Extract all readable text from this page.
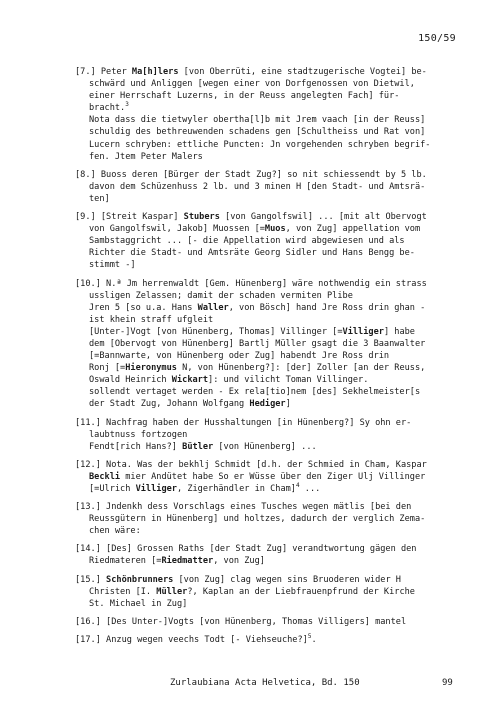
150/59
[7.] Peter Ma[h]lers [von Oberrüti, eine stadtzugerische Vogtei] be-
schwärd und Anliggen [wegen einer von Dorfgenossen von Dietwil,
einer Herrschaft Luzerns, in der Reuss angelegten Fach] für-
bracht.$^3$
Nota dass die tietwyler obertha[l]b mit Jrem vaach [in der Reuss]
schuldig des bethreuwenden schadens gen [Schultheiss und Rat von]
Lucern schryben: ettliche Puncten: Jn vorgehenden schryben begrif-
fen. Jtem Peter Malers
[8.] Buoss deren [Bürger der Stadt Zug?] so nit schiessendt by 5 lb.
davon dem Schüzenhuss 2 lb. und 3 minen H [den Stadt- und Amtsrä-
ten]
[9.] [Streit Kaspar] Stubers [von Gangolfswil] ... [mit alt Obervogt
von Gangolfswil, Jakob] Muossen [=Muos, von Zug] appellation vom
Sambstaggricht ... [- die Appellation wird abgewiesen und als
Richter die Stadt- und Amtsräte Georg Sidler und Hans Bengg be-
stimmt -]
[10.] N.ª Jm herrenwaldt [Gem. Hünenberg] wäre nothwendig ein strass
ussligen Zelassen; damit der schaden vermiten Plibe
Jren 5 [so u.a. Hans Waller, von Bösch] hand Jre Ross drin ghan -
ist khein straff ufgleit
[Unter-]Vogt [von Hünenberg, Thomas] Villinger [=Villiger] habe
dem [Obervogt von Hünenberg] Bartlj Müller gsagt die 3 Baanwalter
[=Bannwarte, von Hünenberg oder Zug] habendt Jre Ross drin
Ronj [=Hieronymus N, von Hünenberg?]: [der] Zoller [an der Reuss,
Oswald Heinrich Wickart]: und vilicht Toman Villinger.
sollendt vertaget werden - Ex rela[tio]nem [des] Sekhelmeister[s
der Stadt Zug, Johann Wolfgang Hediger]
[11.] Nachfrag haben der Husshaltungen [in Hünenberg?] Sy ohn er-
laubtnuss fortzogen
Fendt[rich Hans?] Bütler [von Hünenberg] ...
[12.] Nota. Was der bekhlj Schmidt [d.h. der Schmied in Cham, Kaspar
Beckli mier Andütet habe So er Wüsse über den Ziger Ulj Villinger
[=Ulrich Villiger, Zigerhändler in Cham]$^4$ ...
[13.] Jndenkh dess Vorschlags eines Tusches wegen mätlis [bei den
Reussgütern in Hünenberg] und holtzes, dadurch der verglich Zema-
chen wäre:
[14.] [Des] Grossen Raths [der Stadt Zug] verandtwortung gägen den
Riedmateren [=Riedmatter, von Zug]
[15.] Schönbrunners [von Zug] clag wegen sins Bruoderen wider H
Christen [I. Müller?, Kaplan an der Liebfrauenpfrund der Kirche
St. Michael in Zug]
[16.] [Des Unter-]Vogts [von Hünenberg, Thomas Villigers] mantel
[17.] Anzug wegen veechs Todt [- Viehseuche?]$^5$.
Zurlaubiana Acta Helvetica, Bd. 150	99
